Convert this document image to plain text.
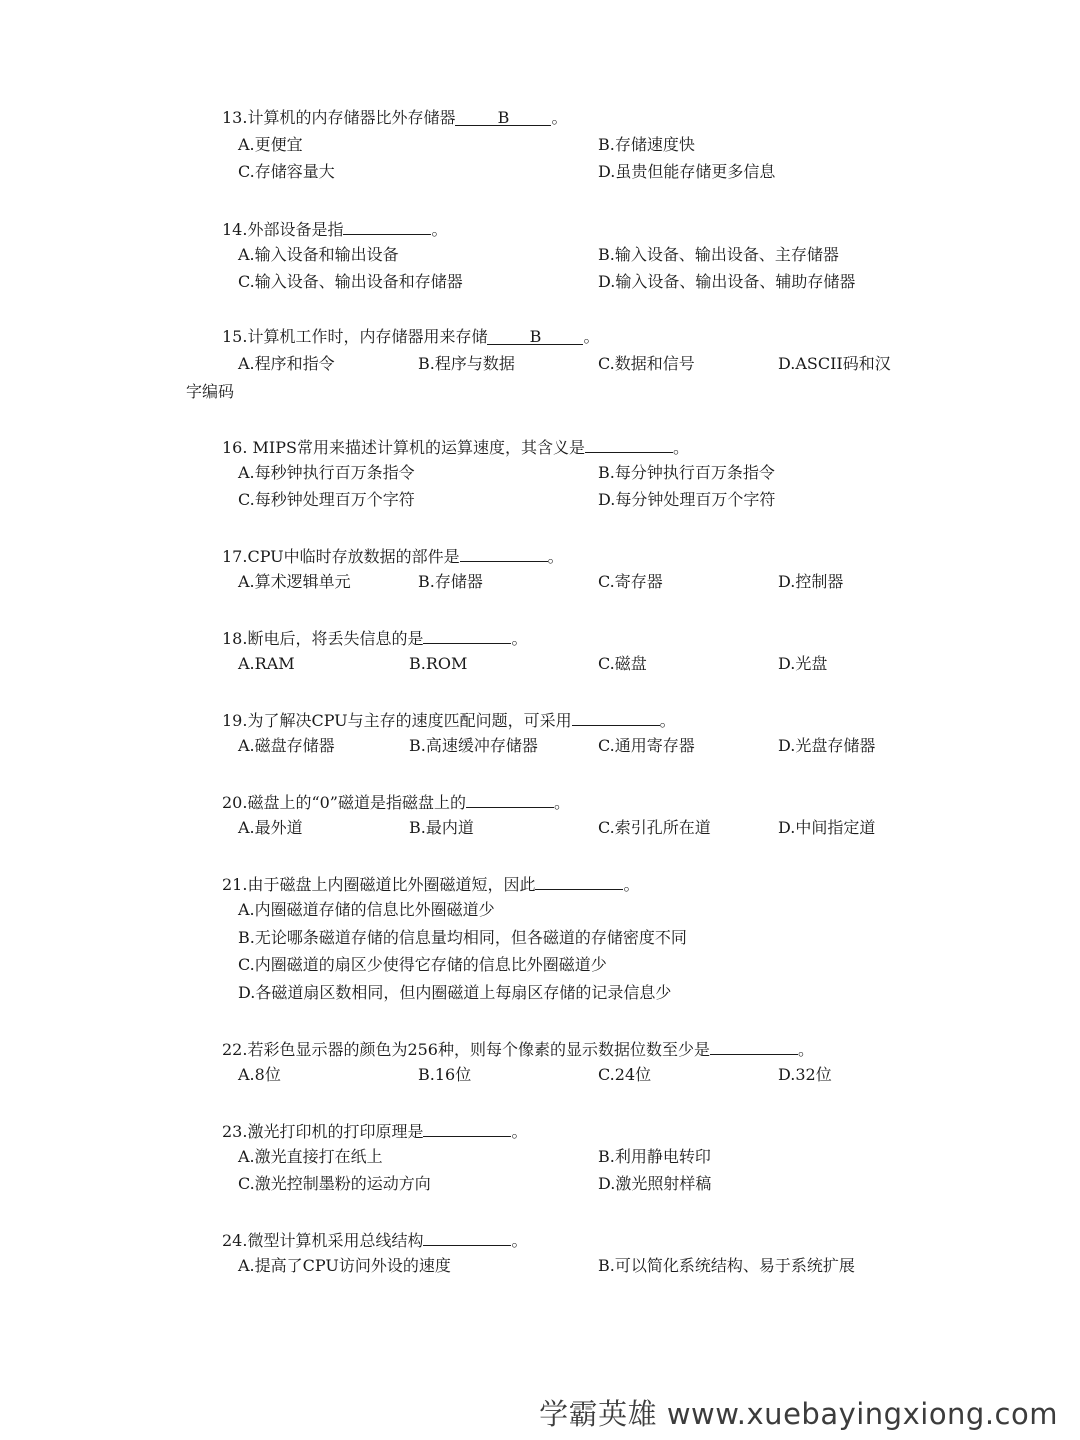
13.计算机的内存储器比外存储器	B	。
A.更便宜	B.存储速度快
C.存储容量大	D.虽贵但能存储更多信息
14.外部设备是指	。
A.输入设备和输出设备	B.输入设备、输出设备、主存储器
C.输入设备、输出设备和存储器	D.输入设备、输出设备、辅助存储器
15.计算机工作时，内存储器用来存储	B	。
A.程序和指令	B.程序与数据	C.数据和信号	D.ASCII码和汉
字编码
16. MIPS常用来描述计算机的运算速度，其含义是	。
A.每秒钟执行百万条指令	B.每分钟执行百万条指令
C.每秒钟处理百万个字符	D.每分钟处理百万个字符
17.CPU中临时存放数据的部件是	。
A.算术逻辑单元	B.存储器	C.寄存器	D.控制器
18.断电后，将丢失信息的是	。
A.RAM	B.ROM	C.磁盘	D.光盘
19.为了解决CPU与主存的速度匹配问题，可采用	。
A.磁盘存储器	B.高速缓冲存储器	C.通用寄存器	D.光盘存储器
20.磁盘上的“0”磁道是指磁盘上的	。
A.最外道	B.最内道	C.索引孔所在道	D.中间指定道
21.由于磁盘上内圈磁道比外圈磁道短，因此	。
A.内圈磁道存储的信息比外圈磁道少
B.无论哪条磁道存储的信息量均相同，但各磁道的存储密度不同
C.内圈磁道的扇区少使得它存储的信息比外圈磁道少
D.各磁道扇区数相同，但内圈磁道上每扇区存储的记录信息少
22.若彩色显示器的颜色为256种，则每个像素的显示数据位数至少是	。
A.8位	B.16位	C.24位	D.32位
23.激光打印机的打印原理是	。
A.激光直接打在纸上	B.利用静电转印
C.激光控制墨粉的运动方向	D.激光照射样稿
24.微型计算机采用总线结构	。
A.提高了CPU访问外设的速度	B.可以简化系统结构、易于系统扩展
学霸英雄 www.xuebayingxiong.com
